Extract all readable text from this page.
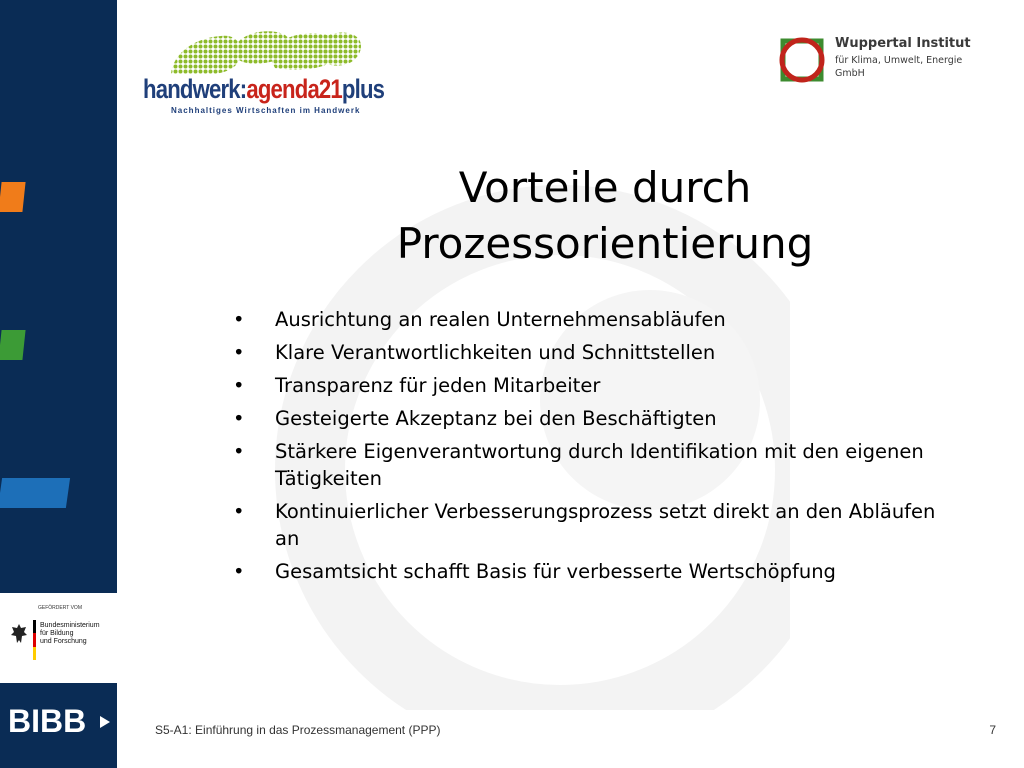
GEFÖRDERT VOM
Bundesministerium
für Bildung
und Forschung
BIBB
handwerk:agenda21plus
Nachhaltiges Wirtschaften im Handwerk
Wuppertal Institut
für Klima, Umwelt, Energie
GmbH
Vorteile durch
Prozessorientierung
• Ausrichtung an realen Unternehmensabläufen
• Klare Verantwortlichkeiten und Schnittstellen
• Transparenz für jeden Mitarbeiter
• Gesteigerte Akzeptanz bei den Beschäftigten
• Stärkere Eigenverantwortung durch Identifikation mit den eigenen Tätigkeiten
• Kontinuierlicher Verbesserungsprozess setzt direkt an den Abläufen an
• Gesamtsicht schafft Basis für verbesserte Wertschöpfung
S5-A1: Einführung in das Prozessmanagement (PPP)	7
